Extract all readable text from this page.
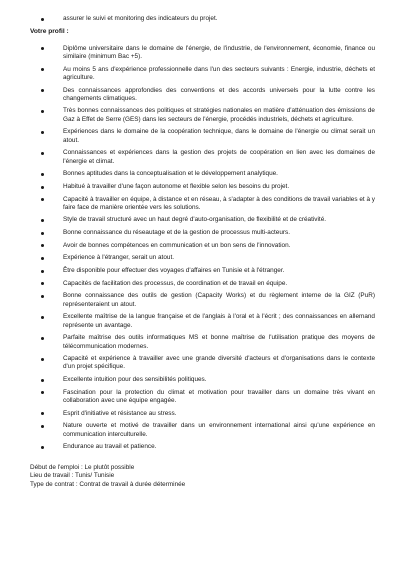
assurer le suivi et monitoring des indicateurs du projet.
Votre profil :
Diplôme universitaire dans le domaine de l'énergie, de l'industrie, de l'environnement, économie, finance ou similaire (minimum Bac +5).
Au moins 5 ans d'expérience professionnelle dans l'un des secteurs suivants : Energie, industrie, déchets et agriculture.
Des connaissances approfondies des conventions et des accords universels pour la lutte contre les changements climatiques.
Très bonnes connaissances des politiques et stratégies nationales en matière d'atténuation des émissions de Gaz à Effet de Serre (GES) dans les secteurs de l'énergie, procédés industriels, déchets et agriculture.
Expériences dans le domaine de la coopération technique, dans le domaine de l'énergie ou climat serait un atout.
Connaissances et expériences dans la gestion des projets de coopération en lien avec les domaines de l'énergie et climat.
Bonnes aptitudes dans la conceptualisation et le développement analytique.
Habitué à travailler d'une façon autonome et flexible selon les besoins du projet.
Capacité à travailler en équipe, à distance et en réseau, à s'adapter à des conditions de travail variables et à y faire face de manière orientée vers les solutions.
Style de travail structuré avec un haut degré d'auto-organisation, de flexibilité et de créativité.
Bonne connaissance du réseautage et de la gestion de processus multi-acteurs.
Avoir de bonnes compétences en communication et un bon sens de l'innovation.
Expérience à l'étranger, serait un atout.
Être disponible pour effectuer des voyages d'affaires en Tunisie et à l'étranger.
Capacités de facilitation des processus, de coordination et de travail en équipe.
Bonne connaissance des outils de gestion (Capacity Works) et du règlement interne de la GIZ (PuR) représenteraient un atout.
Excellente maîtrise de la langue française et de l'anglais à l'oral et à l'écrit ; des connaissances en allemand représente un avantage.
Parfaite maîtrise des outils informatiques MS et bonne maîtrise de l'utilisation pratique des moyens de télécommunication modernes.
Capacité et expérience à travailler avec une grande diversité d'acteurs et d'organisations dans le contexte d'un projet spécifique.
Excellente intuition pour des sensibilités politiques.
Fascination pour la protection du climat et motivation pour travailler dans un domaine très vivant en collaboration avec une équipe engagée.
Esprit d'initiative et résistance au stress.
Nature ouverte et motivé de travailler dans un environnement international ainsi qu'une expérience en communication interculturelle.
Endurance au travail et patience.
Début de l'emploi : Le plutôt possible
Lieu de travail : Tunis/ Tunisie
Type de contrat : Contrat de travail à durée déterminée
